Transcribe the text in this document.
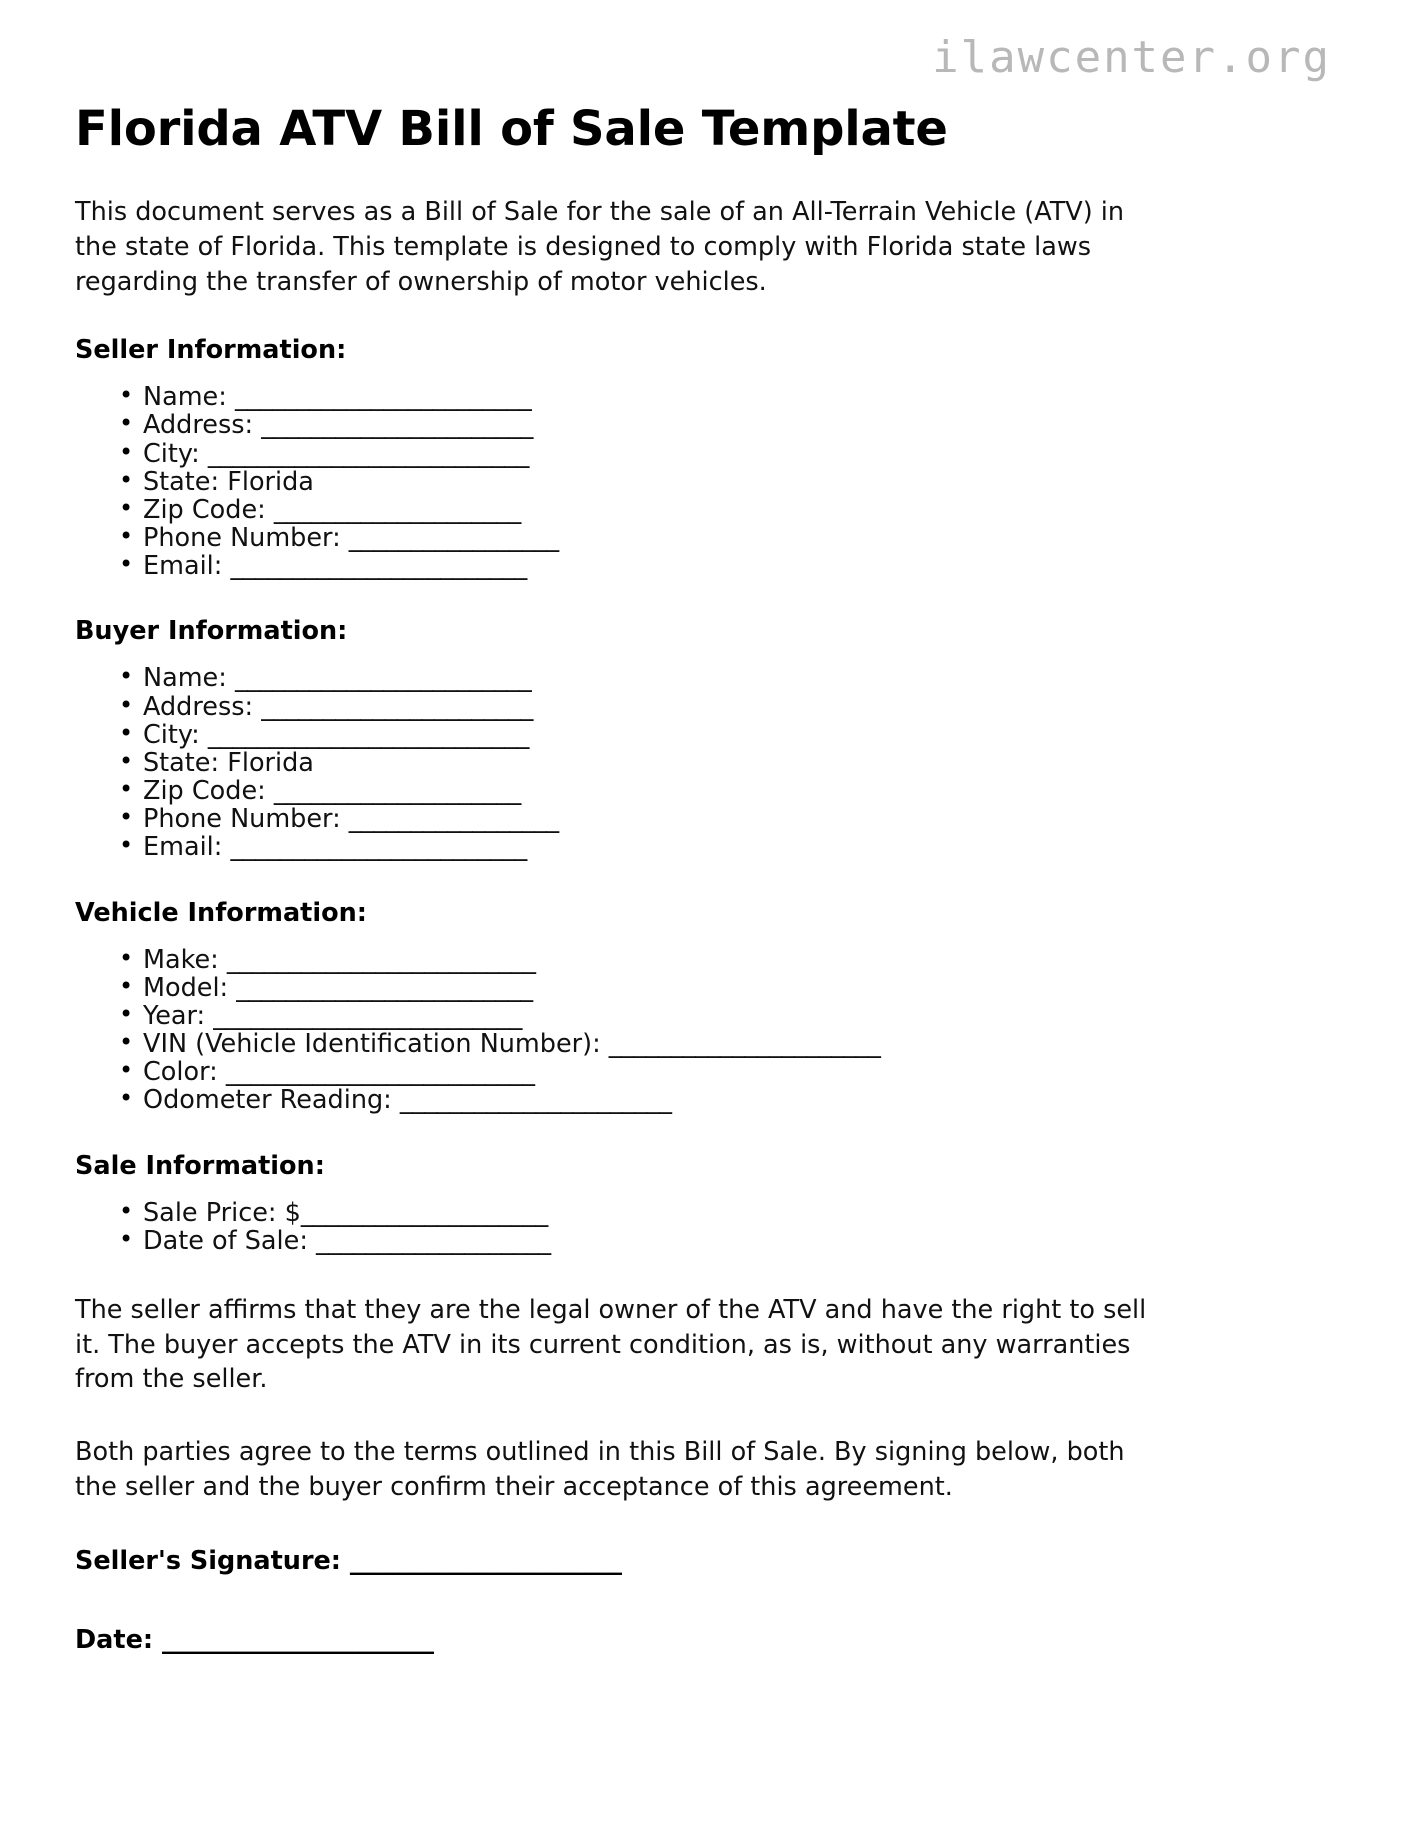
ilawcenter.org
Florida ATV Bill of Sale Template

This document serves as a Bill of Sale for the sale of an All-Terrain Vehicle (ATV) in the state of Florida. This template is designed to comply with Florida state laws regarding the transfer of ownership of motor vehicles.

Seller Information:
• Name: ________________________
• Address: ______________________
• City: __________________________
• State: Florida
• Zip Code: ____________________
• Phone Number: _________________
• Email: ________________________
Buyer Information:
• Name: ________________________
• Address: ______________________
• City: __________________________
• State: Florida
• Zip Code: ____________________
• Phone Number: _________________
• Email: ________________________
Vehicle Information:
• Make: _________________________
• Model: ________________________
• Year: _________________________
• VIN (Vehicle Identification Number): ______________________
• Color: _________________________
• Odometer Reading: ______________________
Sale Information:
• Sale Price: $____________________
• Date of Sale: ___________________

The seller affirms that they are the legal owner of the ATV and have the right to sell it. The buyer accepts the ATV in its current condition, as is, without any warranties from the seller.

Both parties agree to the terms outlined in this Bill of Sale. By signing below, both the seller and the buyer confirm their acceptance of this agreement.

Seller's Signature: ______________________
Date: ______________________
